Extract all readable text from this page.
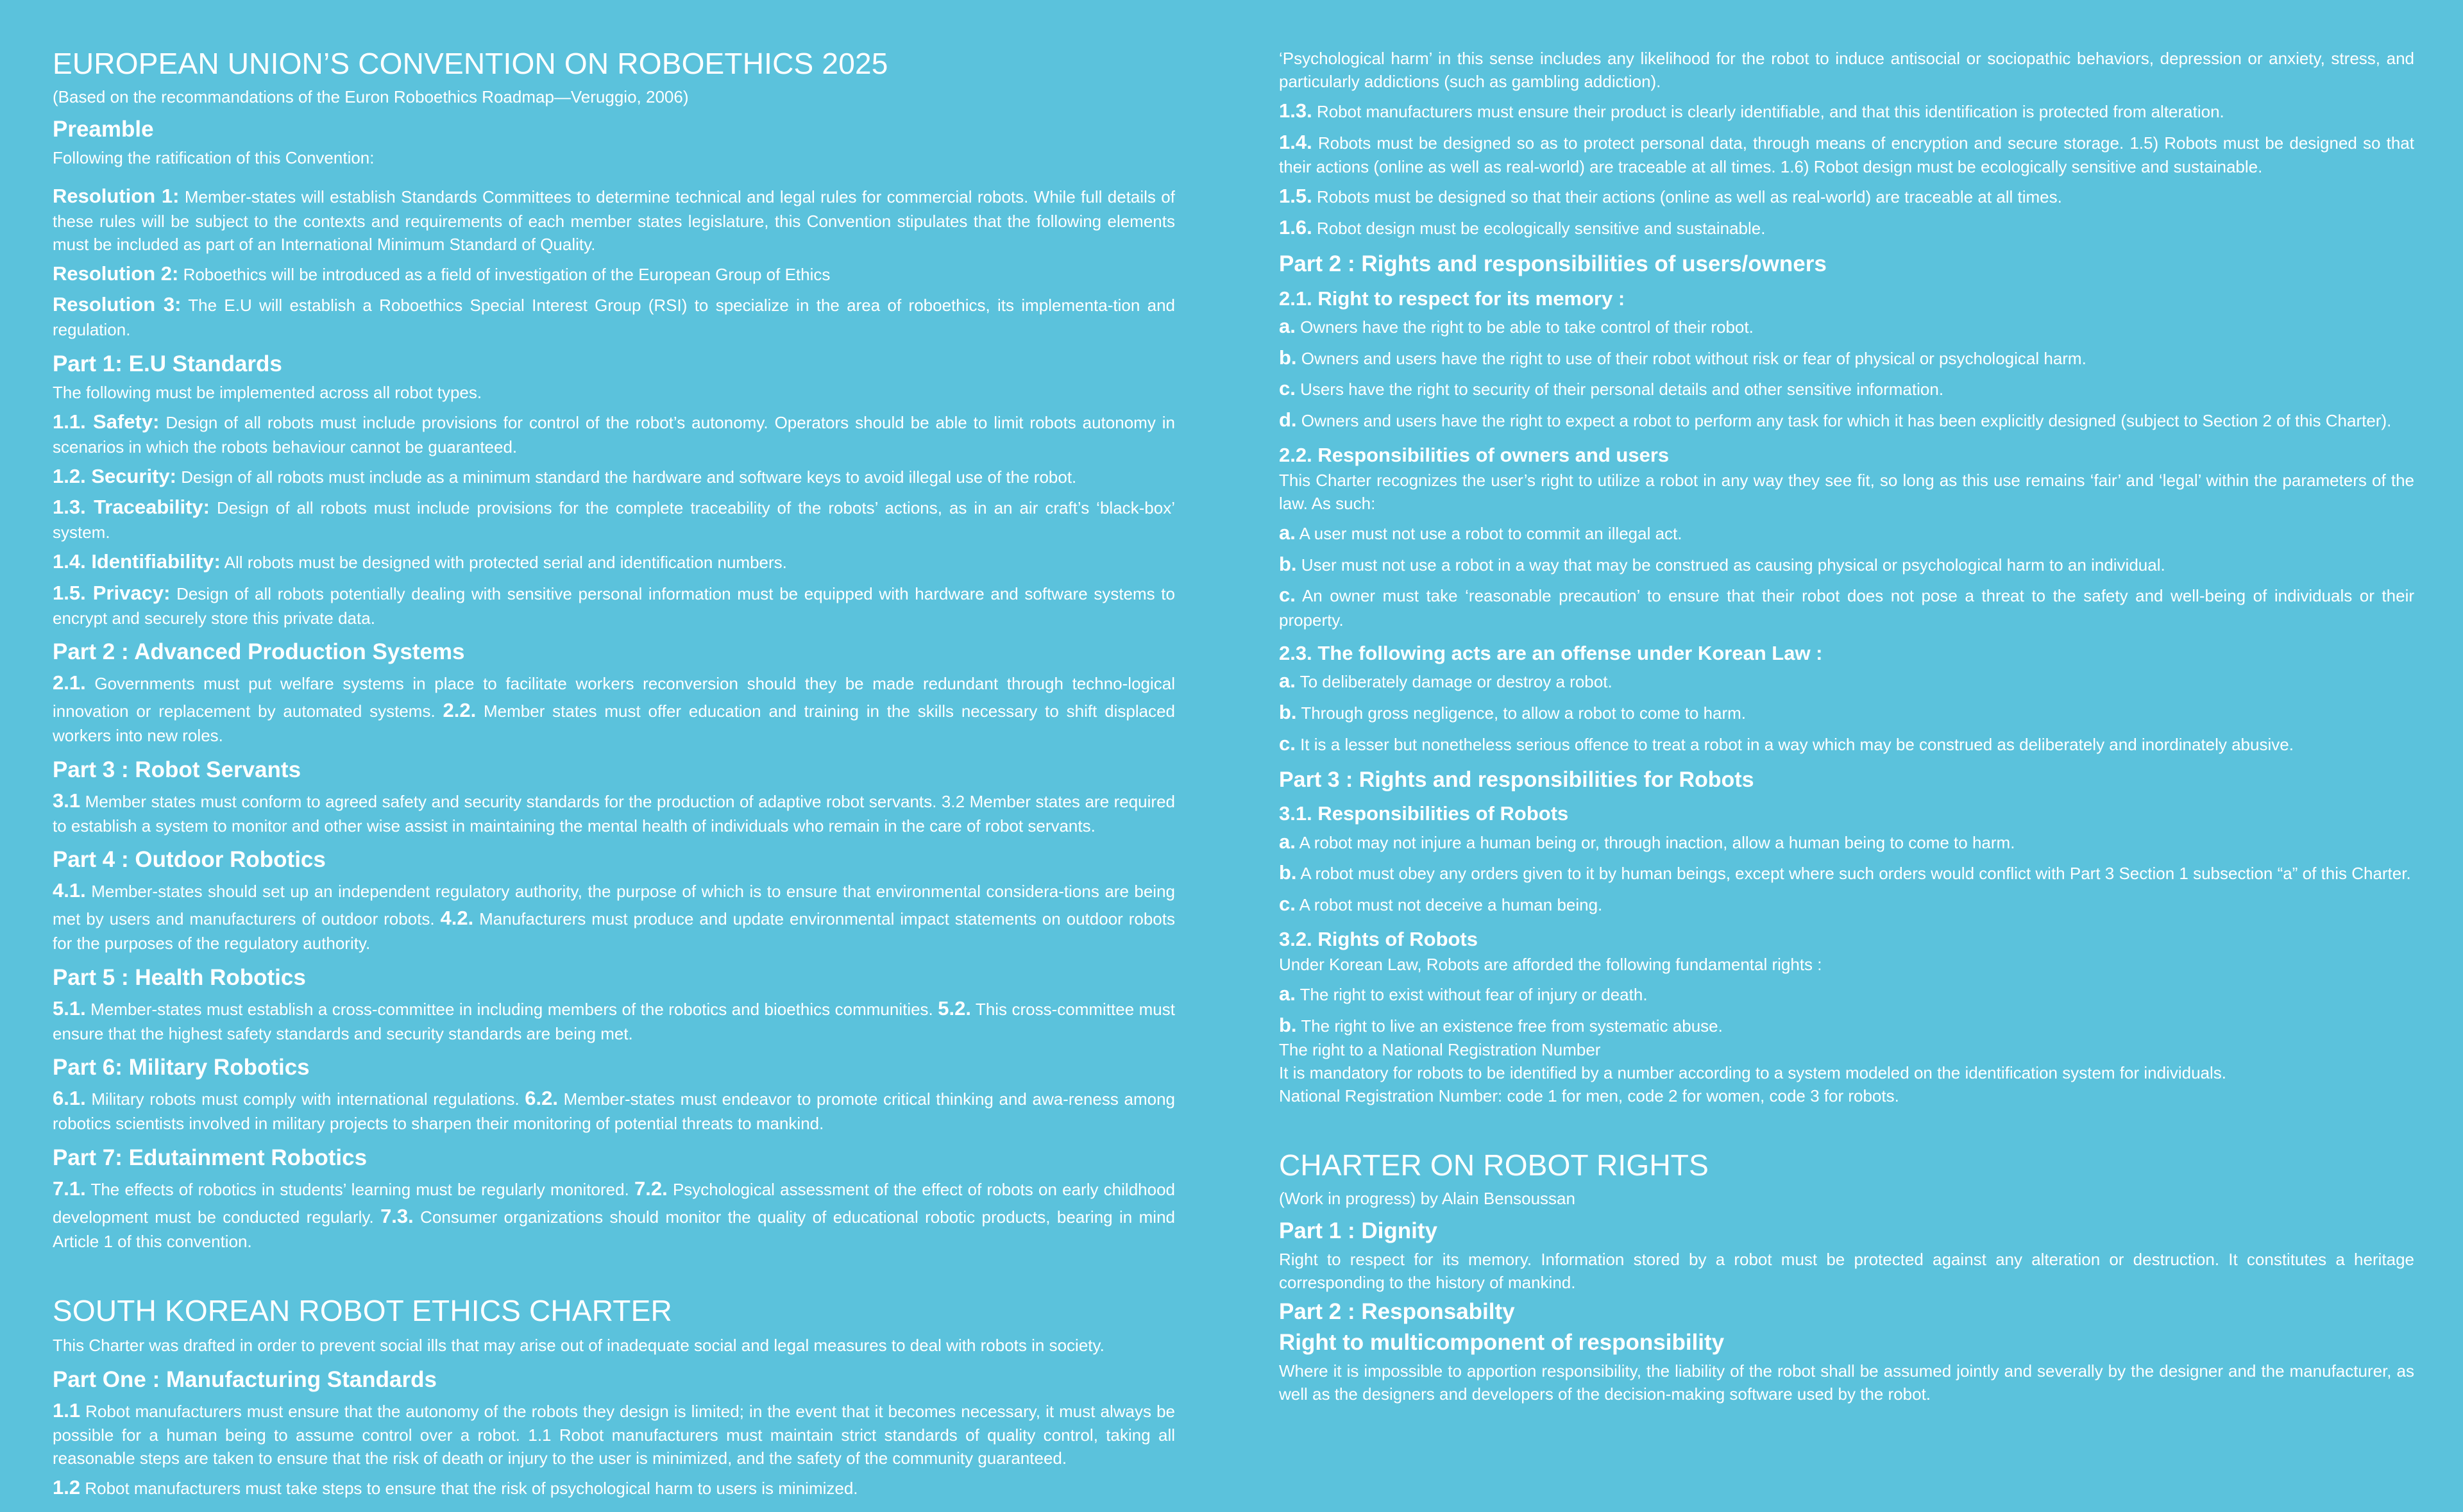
EUROPEAN UNION’S CONVENTION ON ROBOETHICS 2025
(Based on the recommandations of the Euron Roboethics Roadmap—Veruggio, 2006)
Preamble

Following the ratification of this Convention:

Resolution 1: Member-states will establish Standards Committees to determine technical and legal rules for commercial robots. While full details of these rules will be subject to the contexts and requirements of each member states legislature, this Convention stipulates that the following elements must be included as part of an International Minimum Standard of Quality.

Resolution 2: Roboethics will be introduced as a field of investigation of the European Group of Ethics

Resolution 3: The E.U will establish a Roboethics Special Interest Group (RSI) to specialize in the area of roboethics, its implementa-tion and regulation.

Part 1: E.U Standards

The following must be implemented across all robot types.

1.1. Safety: Design of all robots must include provisions for control of the robot’s autonomy. Operators should be able to limit robots autonomy in scenarios in which the robots behaviour cannot be guaranteed.

1.2. Security: Design of all robots must include as a minimum standard the hardware and software keys to avoid illegal use of the robot.

1.3. Traceability: Design of all robots must include provisions for the complete traceability of the robots’ actions, as in an air craft’s ‘black-box’ system.

1.4. Identifiability: All robots must be designed with protected serial and identification numbers.

1.5. Privacy: Design of all robots potentially dealing with sensitive personal information must be equipped with hardware and software systems to encrypt and securely store this private data.

Part 2 : Advanced Production Systems

2.1. Governments must put welfare systems in place to facilitate workers reconversion should they be made redundant through techno-logical innovation or replacement by automated systems. 2.2. Member states must offer education and training in the skills necessary to shift displaced workers into new roles.

Part 3 : Robot Servants

3.1 Member states must conform to agreed safety and security standards for the production of adaptive robot servants. 3.2 Member states are required to establish a system to monitor and other wise assist in maintaining the mental health of individuals who remain in the care of robot servants.

Part 4 : Outdoor Robotics

4.1. Member-states should set up an independent regulatory authority, the purpose of which is to ensure that environmental considera-tions are being met by users and manufacturers of outdoor robots. 4.2. Manufacturers must produce and update environmental impact statements on outdoor robots for the purposes of the regulatory authority.

Part 5 : Health Robotics

5.1. Member-states must establish a cross-committee in including members of the robotics and bioethics communities. 5.2. This cross-committee must ensure that the highest safety standards and security standards are being met.

Part 6: Military Robotics

6.1. Military robots must comply with international regulations. 6.2. Member-states must endeavor to promote critical thinking and awa-reness among robotics scientists involved in military projects to sharpen their monitoring of potential threats to mankind.

Part 7: Edutainment Robotics

7.1. The effects of robotics in students’ learning must be regularly monitored. 7.2. Psychological assessment of the effect of robots on early childhood development must be conducted regularly. 7.3. Consumer organizations should monitor the quality of educational robotic products, bearing in mind Article 1 of this convention.

SOUTH KOREAN ROBOT ETHICS CHARTER

This Charter was drafted in order to prevent social ills that may arise out of inadequate social and legal measures to deal with robots in society.

Part One : Manufacturing Standards

1.1 Robot manufacturers must ensure that the autonomy of the robots they design is limited; in the event that it becomes necessary, it must always be possible for a human being to assume control over a robot. 1.1 Robot manufacturers must maintain strict standards of quality control, taking all reasonable steps are taken to ensure that the risk of death or injury to the user is minimized, and the safety of the community guaranteed.

1.2 Robot manufacturers must take steps to ensure that the risk of psychological harm to users is minimized.

‘Psychological harm’ in this sense includes any likelihood for the robot to induce antisocial or sociopathic behaviors, depression or anxiety, stress, and particularly addictions (such as gambling addiction).

1.3. Robot manufacturers must ensure their product is clearly identifiable, and that this identification is protected from alteration.

1.4. Robots must be designed so as to protect personal data, through means of encryption and secure storage. 1.5) Robots must be designed so that their actions (online as well as real-world) are traceable at all times. 1.6) Robot design must be ecologically sensitive and sustainable.

1.5. Robots must be designed so that their actions (online as well as real-world) are traceable at all times.

1.6. Robot design must be ecologically sensitive and sustainable.

Part 2 : Rights and responsibilities of users/owners
2.1. Right to respect for its memory :

a. Owners have the right to be able to take control of their robot.

b. Owners and users have the right to use of their robot without risk or fear of physical or psychological harm.

c. Users have the right to security of their personal details and other sensitive information.

d. Owners and users have the right to expect a robot to perform any task for which it has been explicitly designed (subject to Section 2 of this Charter).

2.2. Responsibilities of owners and users

This Charter recognizes the user’s right to utilize a robot in any way they see fit, so long as this use remains ‘fair’ and ‘legal’ within the parameters of the law. As such:

a. A user must not use a robot to commit an illegal act.

b. User must not use a robot in a way that may be construed as causing physical or psychological harm to an individual.

c. An owner must take ‘reasonable precaution’ to ensure that their robot does not pose a threat to the safety and well-being of individuals or their property.

2.3. The following acts are an offense under Korean Law :

a. To deliberately damage or destroy a robot.

b. Through gross negligence, to allow a robot to come to harm.

c. It is a lesser but nonetheless serious offence to treat a robot in a way which may be construed as deliberately and inordinately abusive.

Part 3 : Rights and responsibilities for Robots
3.1. Responsibilities of Robots

a. A robot may not injure a human being or, through inaction, allow a human being to come to harm.

b. A robot must obey any orders given to it by human beings, except where such orders would conflict with Part 3 Section 1 subsection “a” of this Charter.

c. A robot must not deceive a human being.

3.2. Rights of Robots

Under Korean Law, Robots are afforded the following fundamental rights :

a. The right to exist without fear of injury or death.

b. The right to live an existence free from systematic abuse.

The right to a National Registration Number
It is mandatory for robots to be identified by a number according to a system modeled on the identification system for individuals.
National Registration Number: code 1 for men, code 2 for women, code 3 for robots.

CHARTER ON ROBOT RIGHTS
(Work in progress) by Alain Bensoussan
Part 1 : Dignity

Right to respect for its memory. Information stored by a robot must be protected against any alteration or destruction. It constitutes a heritage corresponding to the history of mankind.

Part 2 : Responsabilty
Right to multicomponent of responsibility

Where it is impossible to apportion responsibility, the liability of the robot shall be assumed jointly and severally by the designer and the manufacturer, as well as the designers and developers of the decision-making software used by the robot.
